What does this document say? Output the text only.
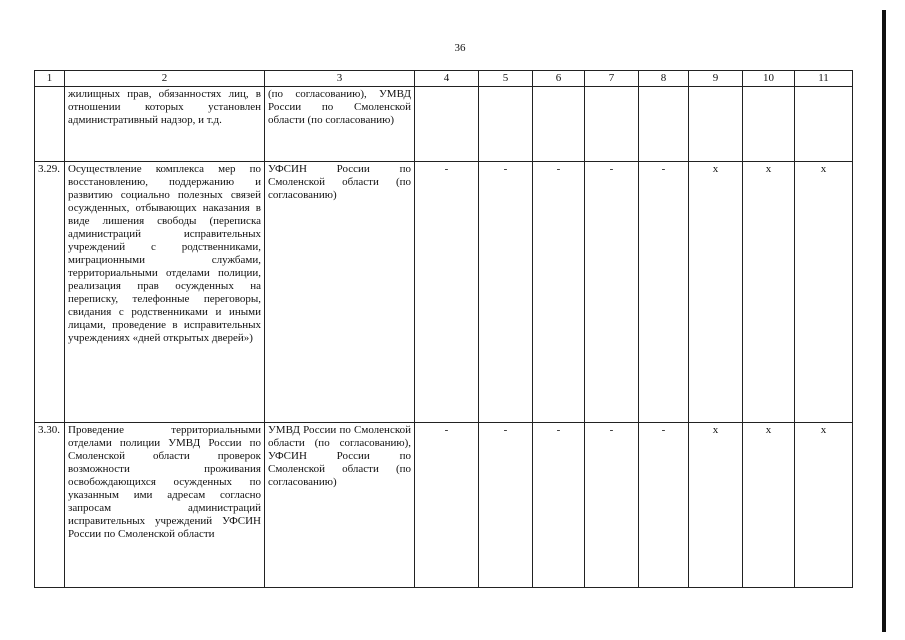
36
1	2	3	4	5	6	7	8	9	10	11
	жилищных прав, обязанностях лиц, в отношении которых установлен административный надзор, и т.д.	(по согласованию), УМВД России по Смоленской области (по согласованию)								
3.29.	Осуществление комплекса мер по восстановлению, поддержанию и развитию социально полезных связей осужденных, отбывающих наказания в виде лишения свободы (переписка администраций исправительных учреждений с родственниками, миграционными службами, территориальными отделами полиции, реализация прав осужденных на переписку, телефонные переговоры, свидания с родственниками и иными лицами, проведение в исправительных учреждениях «дней открытых дверей»)	УФСИН России по Смоленской области (по согласованию)	-	-	-	-	-	х	х	х
3.30.	Проведение территориальными отделами полиции УМВД России по Смоленской области проверок возможности проживания освобождающихся осужденных по указанным ими адресам согласно запросам администраций исправительных учреждений УФСИН России по Смоленской области	УМВД России по Смоленской области (по согласованию), УФСИН России по Смоленской области (по согласованию)	-	-	-	-	-	х	х	х
